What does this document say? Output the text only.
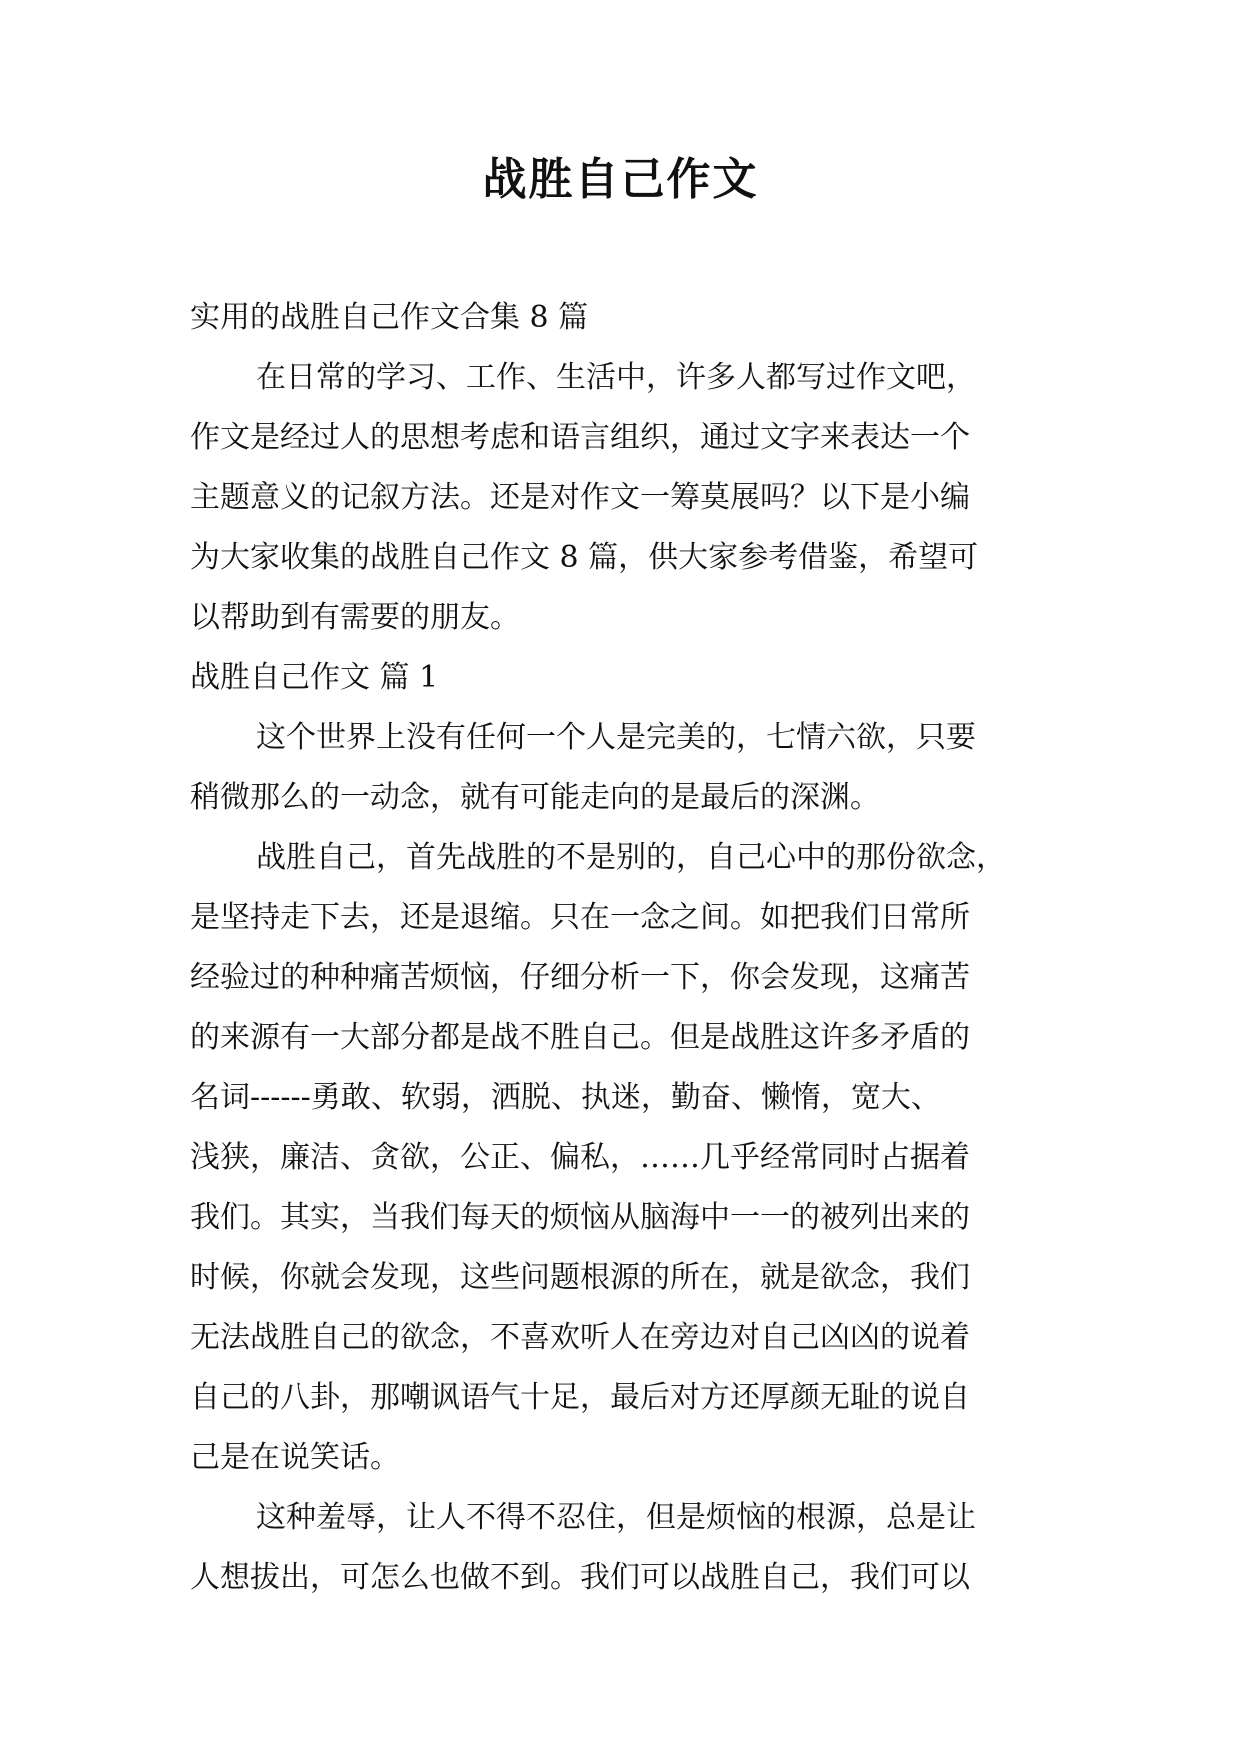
战胜自己作文

实用的战胜自己作文合集 8 篇

在日常的学习、工作、生活中，许多人都写过作文吧，

作文是经过人的思想考虑和语言组织，通过文字来表达一个

主题意义的记叙方法。还是对作文一筹莫展吗？以下是小编

为大家收集的战胜自己作文 8 篇，供大家参考借鉴，希望可

以帮助到有需要的朋友。

战胜自己作文 篇 1

这个世界上没有任何一个人是完美的，七情六欲，只要

稍微那么的一动念，就有可能走向的是最后的深渊。

战胜自己，首先战胜的不是别的，自己心中的那份欲念，

是坚持走下去，还是退缩。只在一念之间。如把我们日常所

经验过的种种痛苦烦恼，仔细分析一下，你会发现，这痛苦

的来源有一大部分都是战不胜自己。但是战胜这许多矛盾的

名词------勇敢、软弱，洒脱、执迷，勤奋、懒惰，宽大、

浅狭，廉洁、贪欲，公正、偏私，……几乎经常同时占据着

我们。其实，当我们每天的烦恼从脑海中一一的被列出来的

时候，你就会发现，这些问题根源的所在，就是欲念，我们

无法战胜自己的欲念，不喜欢听人在旁边对自己凶凶的说着

自己的八卦，那嘲讽语气十足，最后对方还厚颜无耻的说自

己是在说笑话。

这种羞辱，让人不得不忍住，但是烦恼的根源，总是让

人想拔出，可怎么也做不到。我们可以战胜自己，我们可以
